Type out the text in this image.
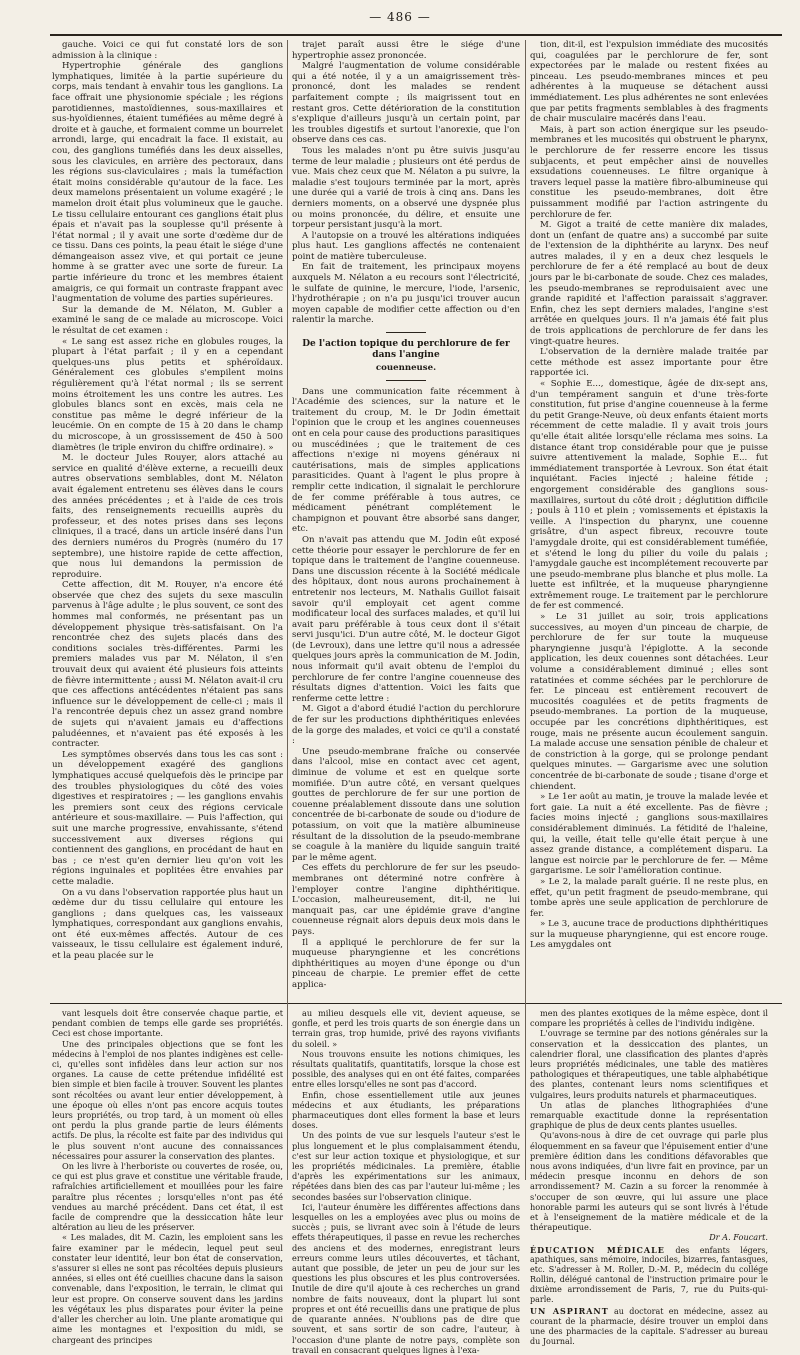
— 486 —

gauche. Voici ce qui fut constaté lors de son admission à la clinique :

Hypertrophie générale des ganglions lymphatiques, limitée à la partie supérieure du corps, mais tendant à envahir tous les ganglions. La face offrait une physionomie spéciale ; les régions parotidiennes, mastoïdiennes, sous-maxillaires et sus-hyoïdiennes, étaient tuméfiées au même degré à droite et à gauche, et formaient comme un bourrelet arrondi, large, qui encadrait la face. Il existait, au cou, des ganglions tuméfiés dans les deux aisselles, sous les clavicules, en arrière des pectoraux, dans les régions sus-claviculaires ; mais la tuméfaction était moins considérable qu'autour de la face. Les deux mamelons présentaient un volume exagéré ; le mamelon droit était plus volumineux que le gauche. Le tissu cellulaire entourant ces ganglions était plus épais et n'avait pas la souplesse qu'il présente à l'état normal ; il y avait une sorte d'œdème dur de ce tissu. Dans ces points, la peau était le siége d'une démangeaison assez vive, et qui portait ce jeune homme à se gratter avec une sorte de fureur. La partie inférieure du tronc et les membres étaient amaigris, ce qui formait un contraste frappant avec l'augmentation de volume des parties supérieures.

Sur la demande de M. Nélaton, M. Gubler a examiné le sang de ce malade au microscope. Voici le résultat de cet examen :

« Le sang est assez riche en globules rouges, la plupart à l'état parfait ; il y en a cependant quelques-uns plus petits et sphéroïdaux. Généralement ces globules s'empilent moins régulièrement qu'à l'état normal ; ils se serrent moins étroitement les uns contre les autres. Les globules blancs sont en excès, mais cela ne constitue pas même le degré inférieur de la leucémie. On en compte de 15 à 20 dans le champ du microscope, à un grossissement de 450 à 500 diamètres (le triple environ du chiffre ordinaire). »

M. le docteur Jules Rouyer, alors attaché au service en qualité d'élève externe, a recueilli deux autres observations semblables, dont M. Nélaton avait également entretenu ses élèves dans le cours des années précédentes ; et à l'aide de ces trois faits, des renseignements recueillis auprès du professeur, et des notes prises dans ses leçons cliniques, il a tracé, dans un article inséré dans l'un des derniers numéros du Progrès (numéro du 17 septembre), une histoire rapide de cette affection, que nous lui demandons la permission de reproduire.

Cette affection, dit M. Rouyer, n'a encore été observée que chez des sujets du sexe masculin parvenus à l'âge adulte ; le plus souvent, ce sont des hommes mal conformés, ne présentant pas un développement physique très-satisfaisant. On l'a rencontrée chez des sujets placés dans des conditions sociales très-différentes. Parmi les premiers malades vus par M. Nélaton, il s'en trouvait deux qui avaient été plusieurs fois atteints de fièvre intermittente ; aussi M. Nélaton avait-il cru que ces affections antécédentes n'étaient pas sans influence sur le développement de celle-ci ; mais il l'a rencontrée depuis chez un assez grand nombre de sujets qui n'avaient jamais eu d'affections paludéennes, et n'avaient pas été exposés à les contracter.

Les symptômes observés dans tous les cas sont : un développement exagéré des ganglions lymphatiques accusé quelquefois dès le principe par des troubles physiologiques du côté des voies digestives et respiratoires ; — les ganglions envahis les premiers sont ceux des régions cervicale antérieure et sous-maxillaire. — Puis l'affection, qui suit une marche progressive, envahissante, s'étend successivement aux diverses régions qui contiennent des ganglions, en procédant de haut en bas ; ce n'est qu'en dernier lieu qu'on voit les régions inguinales et poplitées être envahies par cette maladie.

On a vu dans l'observation rapportée plus haut un œdème dur du tissu cellulaire qui entoure les ganglions ; dans quelques cas, les vaisseaux lymphatiques, correspondant aux ganglions envahis, ont été eux-mêmes affectés. Autour de ces vaisseaux, le tissu cellulaire est également induré, et la peau placée sur le

trajet paraît aussi être le siége d'une hypertrophie assez prononcée.

Malgré l'augmentation de volume considérable qui a été notée, il y a un amaigrissement très-prononcé, dont les malades se rendent parfaitement compte ; ils maigrissent tout en restant gros. Cette détérioration de la constitution s'explique d'ailleurs jusqu'à un certain point, par les troubles digestifs et surtout l'anorexie, que l'on observe dans ces cas.

Tous les malades n'ont pu être suivis jusqu'au terme de leur maladie ; plusieurs ont été perdus de vue. Mais chez ceux que M. Nélaton a pu suivre, la maladie s'est toujours terminée par la mort, après une durée qui a varié de trois à cinq ans. Dans les derniers moments, on a observé une dyspnée plus ou moins prononcée, du délire, et ensuite une torpeur persistant jusqu'à la mort.

A l'autopsie on a trouvé les altérations indiquées plus haut. Les ganglions affectés ne contenaient point de matière tuberculeuse.

En fait de traitement, les principaux moyens auxquels M. Nélaton a eu recours sont l'électricité, le sulfate de quinine, le mercure, l'iode, l'arsenic, l'hydrothérapie ; on n'a pu jusqu'ici trouver aucun moyen capable de modifier cette affection ou d'en ralentir la marche.

De l'action topique du perchlorure de fer dans l'angine
couenneuse.

Dans une communication faite récemment à l'Académie des sciences, sur la nature et le traitement du croup, M. le Dr Jodin émettait l'opinion que le croup et les angines couenneuses ont en cela pour cause des productions parasitiques ou muscédinées ; que le traitement de ces affections n'exige ni moyens généraux ni cautérisations, mais de simples applications parasiticides. Quant à l'agent le plus propre à remplir cette indication, il signalait le perchlorure de fer comme préférable à tous autres, ce médicament pénétrant complétement le champignon et pouvant être absorbé sans danger, etc.

On n'avait pas attendu que M. Jodin eût exposé cette théorie pour essayer le perchlorure de fer en topique dans le traitement de l'angine couenneuse. Dans une discussion récente à la Société médicale des hôpitaux, dont nous aurons prochainement à entretenir nos lecteurs, M. Nathalis Guillot faisait savoir qu'il employait cet agent comme modificateur local des surfaces malades, et qu'il lui avait paru préférable à tous ceux dont il s'était servi jusqu'ici. D'un autre côté, M. le docteur Gigot (de Levroux), dans une lettre qu'il nous a adressée quelques jours après la communication de M. Jodin, nous informait qu'il avait obtenu de l'emploi du perchlorure de fer contre l'angine couenneuse des résultats dignes d'attention. Voici les faits que renferme cette lettre :

M. Gigot a d'abord étudié l'action du perchlorure de fer sur les productions diphthéritiques enlevées de la gorge des malades, et voici ce qu'il a constaté :

Une pseudo-membrane fraîche ou conservée dans l'alcool, mise en contact avec cet agent, diminue de volume et est en quelque sorte momifiée. D'un autre côté, en versant quelques gouttes de perchlorure de fer sur une portion de couenne préalablement dissoute dans une solution concentrée de bi-carbonate de soude ou d'iodure de potassium, on voit que la matière albumineuse résultant de la dissolution de la pseudo-membrane se coagule à la manière du liquide sanguin traité par le même agent.

Ces effets du perchlorure de fer sur les pseudo-membranes ont déterminé notre confrère à l'employer contre l'angine diphthéritique. L'occasion, malheureusement, dit-il, ne lui manquait pas, car une épidémie grave d'angine couenneuse régnait alors depuis deux mois dans le pays.

Il a appliqué le perchlorure de fer sur la muqueuse pharyngienne et les concrétions diphthéritiques au moyen d'une éponge ou d'un pinceau de charpie. Le premier effet de cette applica-

tion, dit-il, est l'expulsion immédiate des mucosités qui, coagulées par le perchlorure de fer, sont expectorées par le malade ou restent fixées au pinceau. Les pseudo-membranes minces et peu adhérentes à la muqueuse se détachent aussi immédiatement. Les plus adhérentes ne sont enlevées que par petits fragments semblables à des fragments de chair musculaire macérés dans l'eau.

Mais, à part son action énergique sur les pseudo-membranes et les mucosités qui obstruent le pharynx, le perchlorure de fer resserre encore les tissus subjacents, et peut empêcher ainsi de nouvelles exsudations couenneuses. Le filtre organique à travers lequel passe la matière fibro-albumineuse qui constitue les pseudo-membranes, doit être puissamment modifié par l'action astringente du perchlorure de fer.

M. Gigot a traité de cette manière dix malades, dont un (enfant de quatre ans) a succombé par suite de l'extension de la diphthérite au larynx. Des neuf autres malades, il y en a deux chez lesquels le perchlorure de fer a été remplacé au bout de deux jours par le bi-carbonate de soude. Chez ces malades, les pseudo-membranes se reproduisaient avec une grande rapidité et l'affection paraissait s'aggraver. Enfin, chez les sept derniers malades, l'angine s'est arrêtée en quelques jours. Il n'a jamais été fait plus de trois applications de perchlorure de fer dans les vingt-quatre heures.

L'observation de la dernière malade traitée par cette méthode est assez importante pour être rapportée ici.

« Sophie E..., domestique, âgée de dix-sept ans, d'un tempérament sanguin et d'une très-forte constitution, fut prise d'angine couenneuse à la ferme du petit Grange-Neuve, où deux enfants étaient morts récemment de cette maladie. Il y avait trois jours qu'elle était alitée lorsqu'elle réclama mes soins. La distance étant trop considérable pour que je puisse suivre attentivement la malade, Sophie E... fut immédiatement transportée à Levroux. Son état était inquiétant. Facies injecté ; haleine fétide ; engorgement considérable des ganglions sous-maxillaires, surtout du côté droit ; déglutition difficile ; pouls à 110 et plein ; vomissements et épistaxis la veille. A l'inspection du pharynx, une couenne grisâtre, d'un aspect fibreux, recouvre toute l'amygdale droite, qui est considérablement tuméfiée, et s'étend le long du pilier du voile du palais ; l'amygdale gauche est incomplétement recouverte par une pseudo-membrane plus blanche et plus molle. La luette est infiltrée, et la muqueuse pharyngienne extrêmement rouge. Le traitement par le perchlorure de fer est commencé.

» Le 31 juillet au soir, trois applications successives, au moyen d'un pinceau de charpie, de perchlorure de fer sur toute la muqueuse pharyngienne jusqu'à l'épiglotte. A la seconde application, les deux couennes sont détachées. Leur volume a considérablement diminué ; elles sont ratatinées et comme séchées par le perchlorure de fer. Le pinceau est entièrement recouvert de mucosités coagulées et de petits fragments de pseudo-membranes. La portion de la muqueuse, occupée par les concrétions diphthéritiques, est rouge, mais ne présente aucun écoulement sanguin. La malade accuse une sensation pénible de chaleur et de constriction à la gorge, qui se prolonge pendant quelques minutes. — Gargarisme avec une solution concentrée de bi-carbonate de soude ; tisane d'orge et chiendent.

» Le 1er août au matin, je trouve la malade levée et fort gaie. La nuit a été excellente. Pas de fièvre ; facies moins injecté ; ganglions sous-maxillaires considérablement diminués. La fétidité de l'haleine, qui, la veille, était telle qu'elle était perçue à une assez grande distance, a complétement disparu. La langue est noircie par le perchlorure de fer. — Même gargarisme. Le soir l'amélioration continue.

» Le 2, la malade paraît guérie. Il ne reste plus, en effet, qu'un petit fragment de pseudo-membrane, qui tombe après une seule application de perchlorure de fer.

» Le 3, aucune trace de productions diphthéritiques sur la muqueuse pharyngienne, qui est encore rouge. Les amygdales ont

vant lesquels doit être conservée chaque partie, et pendant combien de temps elle garde ses propriétés. Ceci est chose importante.

Une des principales objections que se font les médecins à l'emploi de nos plantes indigènes est celle-ci, qu'elles sont infidèles dans leur action sur nos organes. La cause de cette prétendue infidélité est bien simple et bien facile à trouver. Souvent les plantes sont récoltées ou avant leur entier développement, à une époque où elles n'ont pas encore acquis toutes leurs propriétés, ou trop tard, à un moment où elles ont perdu la plus grande partie de leurs éléments actifs. De plus, la récolte est faite par des individus qui le plus souvent n'ont aucune des connaissances nécessaires pour assurer la conservation des plantes.

On les livre à l'herboriste ou couvertes de rosée, ou, ce qui est plus grave et constitue une véritable fraude, rafraîchies artificiellement et mouillées pour les faire paraître plus récentes ; lorsqu'elles n'ont pas été vendues au marché précédent. Dans cet état, il est facile de comprendre que la dessiccation hâte leur altération au lieu de les préserver.

« Les malades, dit M. Cazin, les emploient sans les faire examiner par le médecin, lequel peut seul constater leur identité, leur bon état de conservation, s'assurer si elles ne sont pas récoltées depuis plusieurs années, si elles ont été cueillies chacune dans la saison convenable, dans l'exposition, le terrain, le climat qui leur est propre. On conserve souvent dans les jardins les végétaux les plus disparates pour éviter la peine d'aller les chercher au loin. Une plante aromatique qui aime les montagnes et l'exposition du midi, se chargeant des principes

au milieu desquels elle vit, devient aqueuse, se gonfle, et perd les trois quarts de son énergie dans un terrain gras, trop humide, privé des rayons vivifiants du soleil. »

Nous trouvons ensuite les notions chimiques, les résultats qualitatifs, quantitatifs, lorsque la chose est possible, des analyses qui en ont été faites, comparées entre elles lorsqu'elles ne sont pas d'accord.

Enfin, chose essentiellement utile aux jeunes médecins et aux étudiants, les préparations pharmaceutiques dont elles forment la base et leurs doses.

Un des points de vue sur lesquels l'auteur s'est le plus longuement et le plus complaisamment étendu, c'est sur leur action toxique et physiologique, et sur les propriétés médicinales. La première, établie d'après les expérimentations sur les animaux, répétées dans bien des cas par l'auteur lui-même ; les secondes basées sur l'observation clinique.

Ici, l'auteur énumère les différentes affections dans lesquelles on les a employées avec plus ou moins de succès ; puis, se livrant avec soin à l'étude de leurs effets thérapeutiques, il passe en revue les recherches des anciens et des modernes, enregistrant leurs erreurs comme leurs utiles découvertes, et tâchant, autant que possible, de jeter un peu de jour sur les questions les plus obscures et les plus controversées. Inutile de dire qu'il ajoute à ces recherches un grand nombre de faits nouveaux, dont la plupart lui sont propres et ont été recueillis dans une pratique de plus de quarante années. N'oublions pas de dire que souvent, et sans sortir de son cadre, l'auteur, à l'occasion d'une plante de notre pays, complète son travail en consacrant quelques lignes à l'exa-

men des plantes exotiques de la même espèce, dont il compare les propriétés à celles de l'individu indigène.

L'ouvrage se termine par des notions générales sur la conservation et la dessiccation des plantes, un calendrier floral, une classification des plantes d'après leurs propriétés médicinales, une table des matières pathologiques et thérapeutiques, une table alphabétique des plantes, contenant leurs noms scientifiques et vulgaires, leurs produits naturels et pharmaceutiques.

Un atlas de planches lithographiées d'une remarquable exactitude donne la représentation graphique de plus de deux cents plantes usuelles.

Qu'avons-nous à dire de cet ouvrage qui parle plus éloquemment en sa faveur que l'épuisement entier d'une première édition dans les conditions défavorables que nous avons indiquées, d'un livre fait en province, par un médecin presque inconnu en dehors de son arrondissement? M. Cazin a su forcer la renommée à s'occuper de son œuvre, qui lui assure une place honorable parmi les auteurs qui se sont livrés à l'étude et à l'enseignement de la matière médicale et de la thérapeutique.

Dr A. Foucart.

ÉDUCATION MÉDICALE des enfants légers, apathiques, sans mémoire, indociles, bizarres, fantasques, etc. S'adresser à M. Roller, D.-M. P., médecin du collége Rollin, délégué cantonal de l'instruction primaire pour le dixième arrondissement de Paris, 7, rue du Puits-qui-parle.

UN ASPIRANT au doctorat en médecine, assez au courant de la pharmacie, désire trouver un emploi dans une des pharmacies de la capitale. S'adresser au bureau du Journal.
